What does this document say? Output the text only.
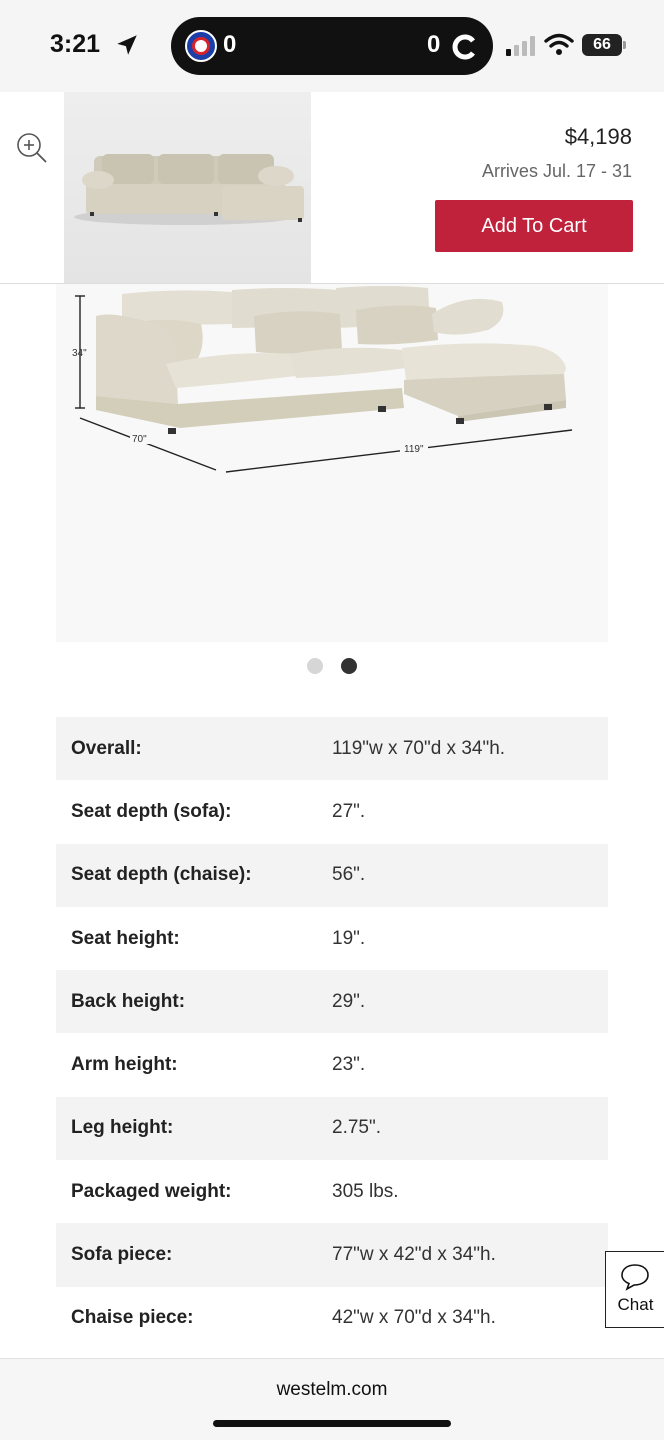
3:21	0	0	66
$4,198
Arrives Jul. 17 - 31
Add To Cart
34"
70"
119"
Overall:	119"w x 70"d x 34"h.
Seat depth (sofa):	27".
Seat depth (chaise):	56".
Seat height:	19".
Back height:	29".
Arm height:	23".
Leg height:	2.75".
Packaged weight:	305 lbs.
Sofa piece:	77"w x 42"d x 34"h.
Chaise piece:	42"w x 70"d x 34"h.
Chat
westelm.com
